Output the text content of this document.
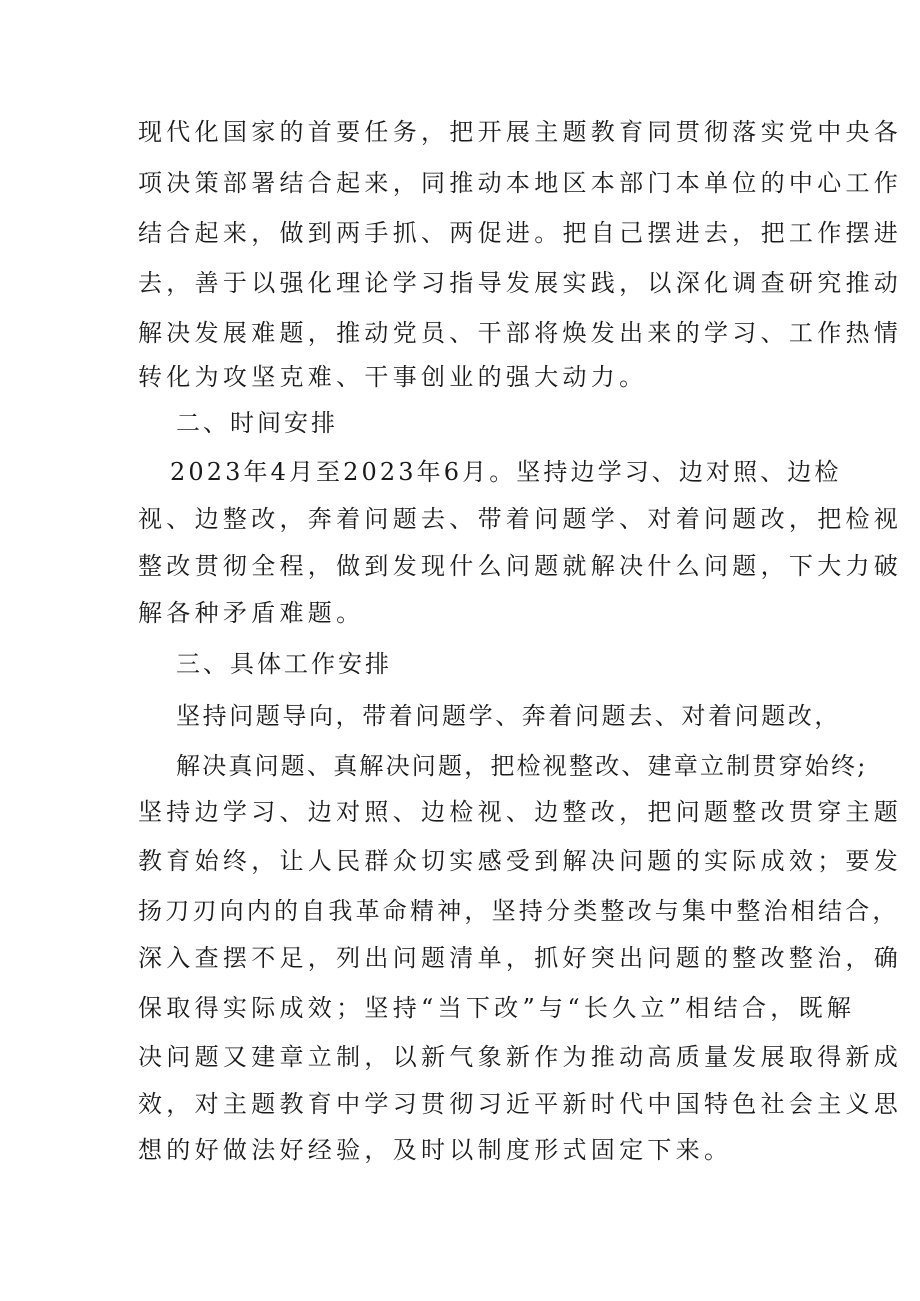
现代化国家的首要任务，把开展主题教育同贯彻落实党中央各
项决策部署结合起来，同推动本地区本部门本单位的中心工作
结合起来，做到两手抓、两促进。把自己摆进去，把工作摆进
去，善于以强化理论学习指导发展实践，以深化调查研究推动
解决发展难题，推动党员、干部将焕发出来的学习、工作热情
转化为攻坚克难、干事创业的强大动力。
二、时间安排
2023年4月至2023年6月。坚持边学习、边对照、边检
视、边整改，奔着问题去、带着问题学、对着问题改，把检视
整改贯彻全程，做到发现什么问题就解决什么问题，下大力破
解各种矛盾难题。
三、具体工作安排
坚持问题导向，带着问题学、奔着问题去、对着问题改，
解决真问题、真解决问题，把检视整改、建章立制贯穿始终;
坚持边学习、边对照、边检视、边整改，把问题整改贯穿主题
教育始终，让人民群众切实感受到解决问题的实际成效；要发
扬刀刃向内的自我革命精神，坚持分类整改与集中整治相结合，
深入查摆不足，列出问题清单，抓好突出问题的整改整治，确
保取得实际成效；坚持“当下改”与“长久立”相结合，既解
决问题又建章立制，以新气象新作为推动高质量发展取得新成
效，对主题教育中学习贯彻习近平新时代中国特色社会主义思
想的好做法好经验，及时以制度形式固定下来。
